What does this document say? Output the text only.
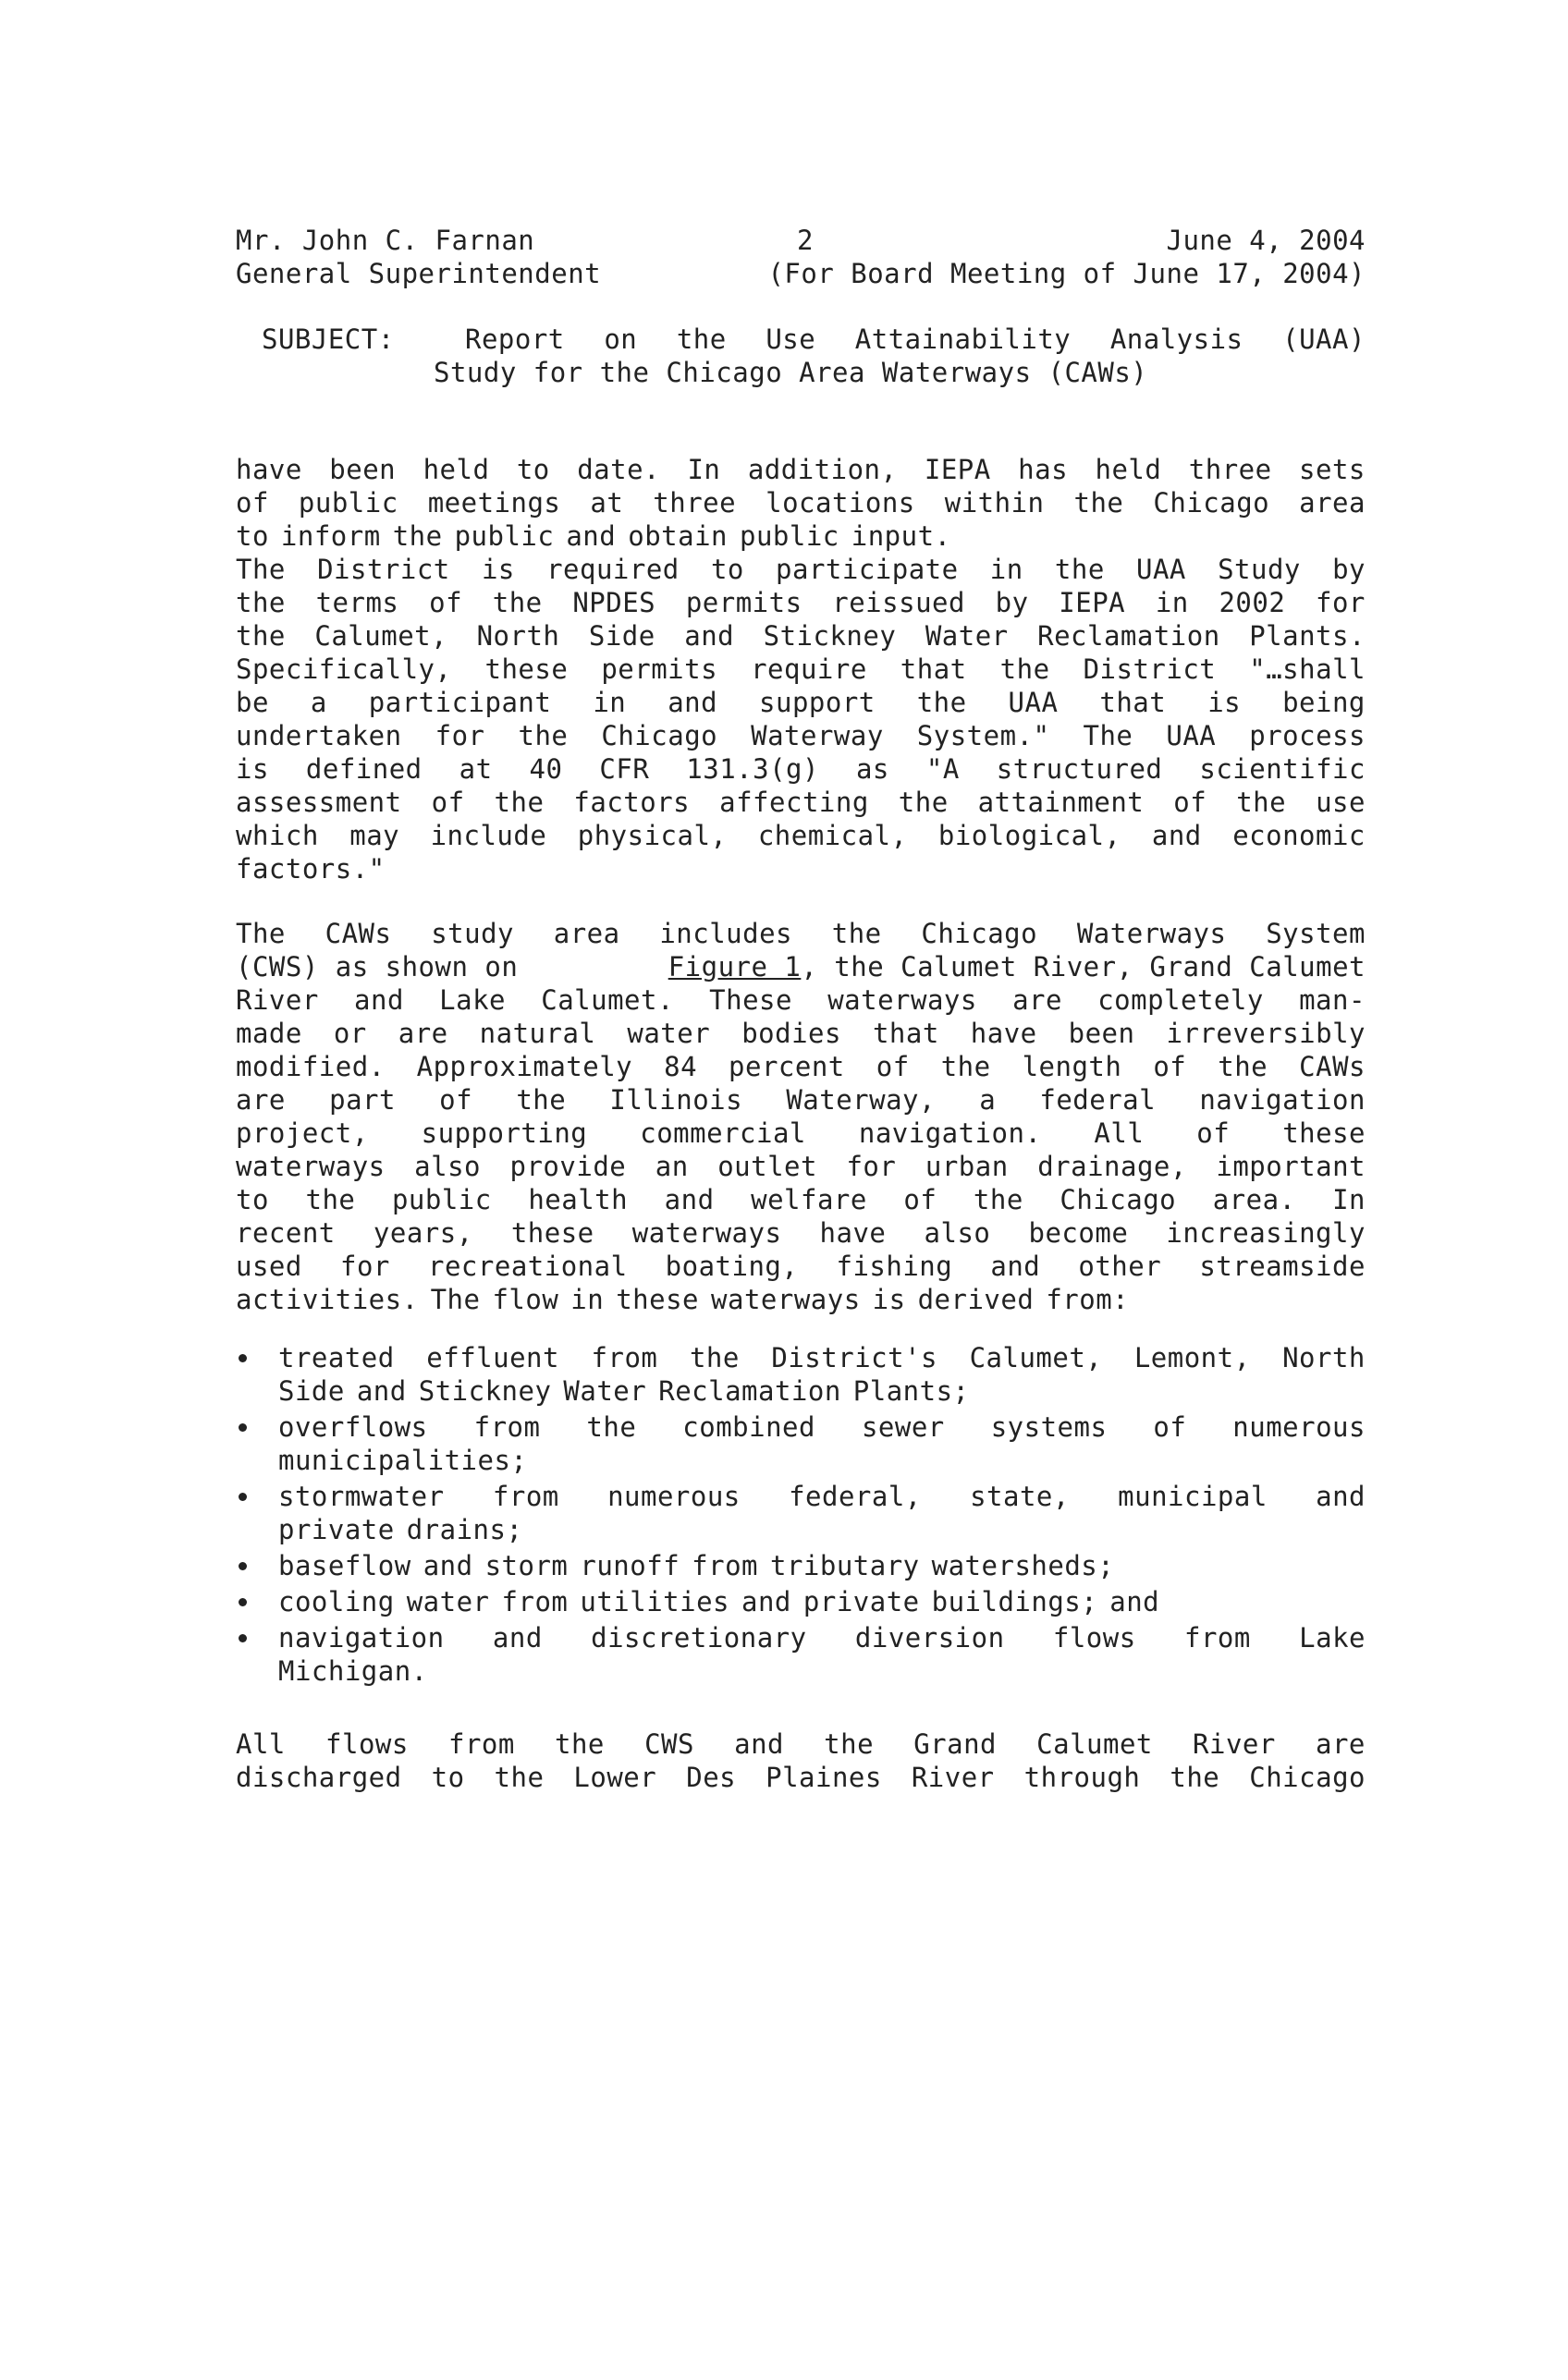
Mr. John C. Farnan	2	June 4, 2004
General Superintendent	(For Board Meeting of June 17, 2004)

SUBJECT:

	Report on the Use Attainability Analysis (UAA)

Study for the Chicago Area Waterways (CAWs)

have been held to date. In addition, IEPA has held three sets
of public meetings at three locations within the Chicago area
to inform the public and obtain public input.
The District is required to participate in the UAA Study by
the terms of the NPDES permits reissued by IEPA in 2002 for
the Calumet, North Side and Stickney Water Reclamation Plants.
Specifically, these permits require that the District "…shall
be a participant in and support the UAA that is being
undertaken for the Chicago Waterway System." The UAA process
is defined at 40 CFR 131.3(g) as "A structured scientific
assessment of the factors affecting the attainment of the use
which may include physical, chemical, biological, and economic
factors."
The CAWs study area includes the Chicago Waterways System
(CWS) as shown on	Figure 1, the Calumet River, Grand Calumet
River and Lake Calumet. These waterways are completely man-
made or are natural water bodies that have been irreversibly
modified. Approximately 84 percent of the length of the CAWs
are part of the Illinois Waterway, a federal navigation
project, supporting commercial navigation. All of these
waterways also provide an outlet for urban drainage, important
to the public health and welfare of the Chicago area. In
recent years, these waterways have also become increasingly
used for recreational boating, fishing and other streamside
activities. The flow in these waterways is derived from:
treated effluent from the District's Calumet, Lemont, North
Side and Stickney Water Reclamation Plants;
overflows from the combined sewer systems of numerous
municipalities;
stormwater from numerous federal, state, municipal and
private drains;
baseflow and storm runoff from tributary watersheds;
cooling water from utilities and private buildings; and
navigation and discretionary diversion flows from Lake
Michigan.
All flows from the CWS and the Grand Calumet River are
discharged to the Lower Des Plaines River through the Chicago
